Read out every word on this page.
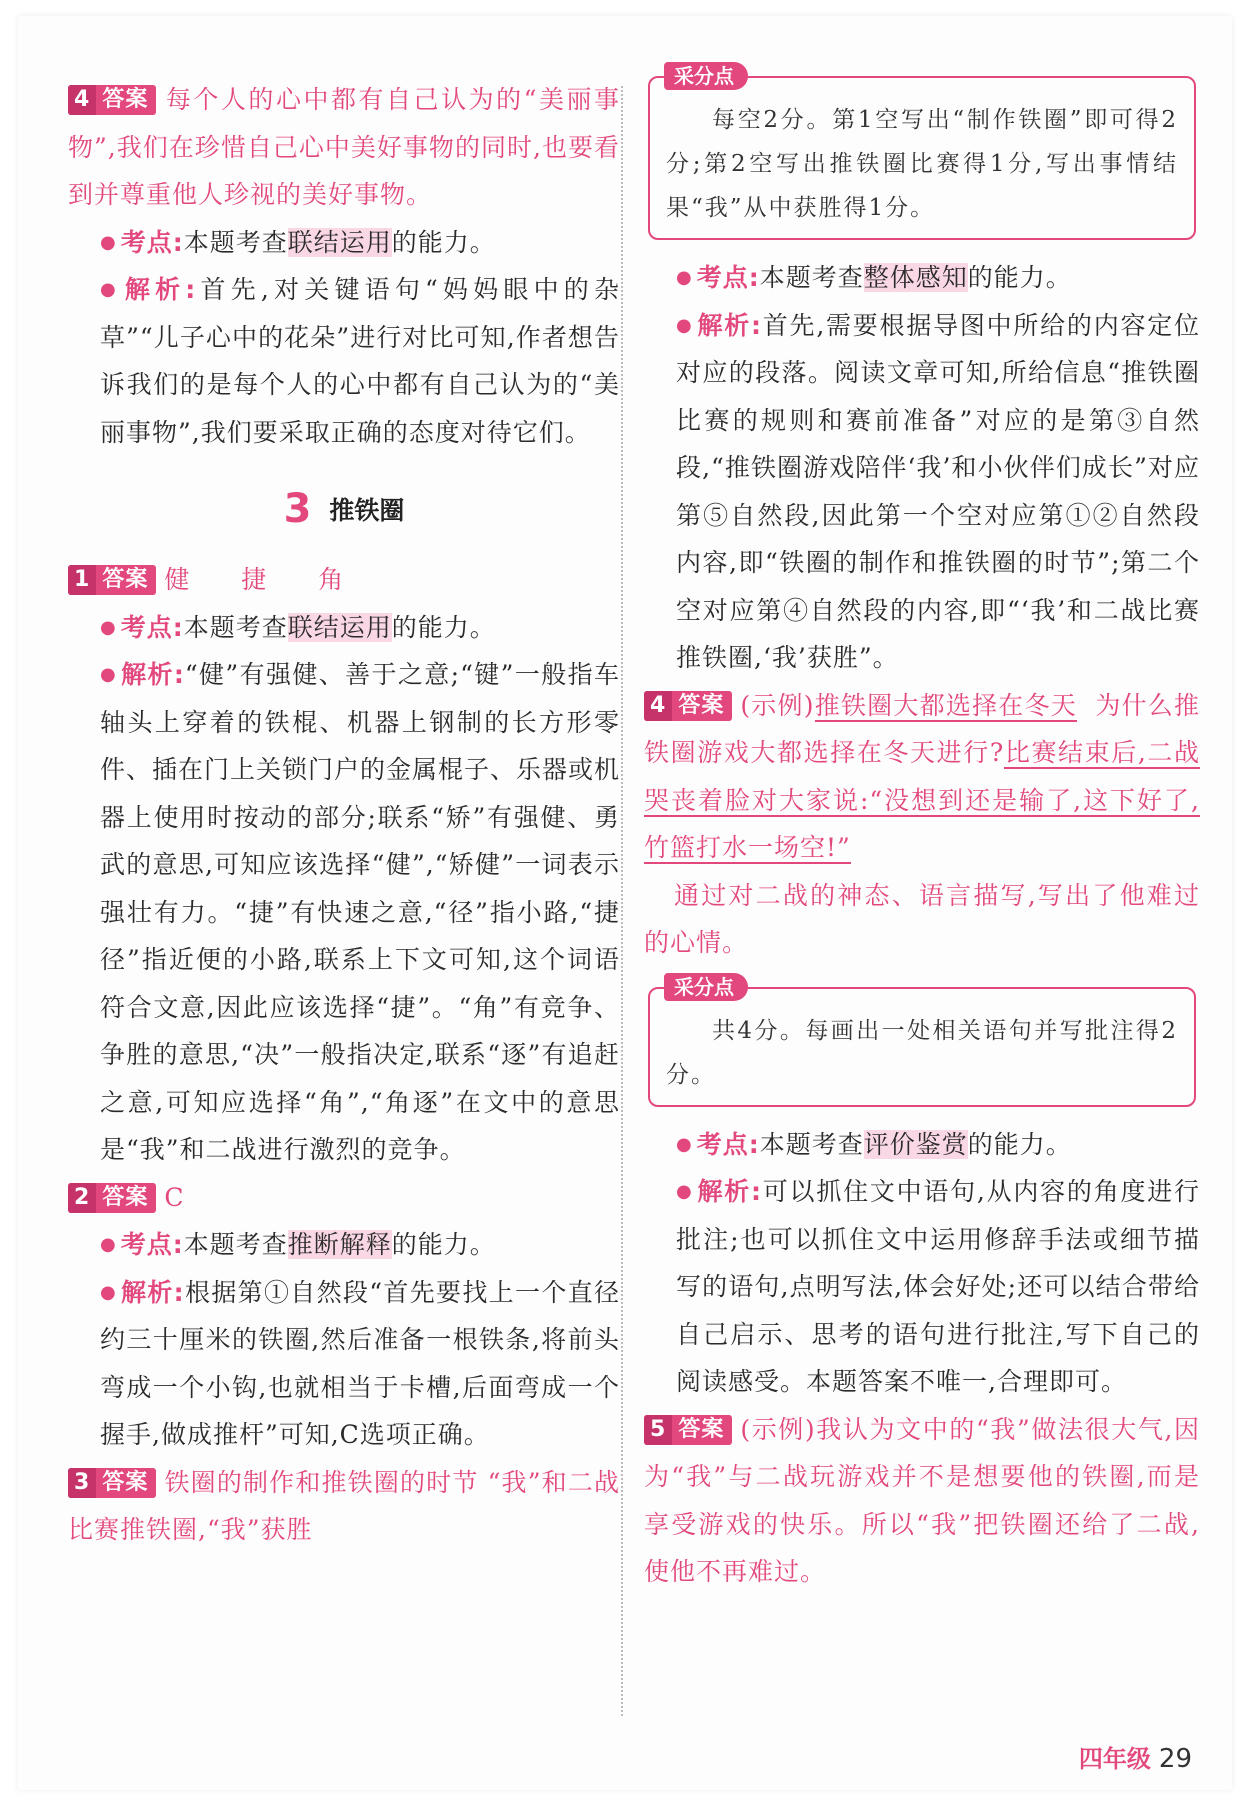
4 答案 每个人的心中都有自己认为的“美丽事物”,我们在珍惜自己心中美好事物的同时,也要看到并尊重他人珍视的美好事物。

● 考点:本题考查联结运用的能力。

● 解析:首先,对关键语句“妈妈眼中的杂草”“儿子心中的花朵”进行对比可知,作者想告诉我们的是每个人的心中都有自己认为的“美丽事物”,我们要采取正确的态度对待它们。

3 推铁圈

1 答案 健 捷 角

● 考点:本题考查联结运用的能力。

● 解析:“健”有强健、善于之意;“键”一般指车轴头上穿着的铁棍、机器上钢制的长方形零件、插在门上关锁门户的金属棍子、乐器或机器上使用时按动的部分;联系“矫”有强健、勇武的意思,可知应该选择“健”,“矫健”一词表示强壮有力。“捷”有快速之意,“径”指小路,“捷径”指近便的小路,联系上下文可知,这个词语符合文意,因此应该选择“捷”。“角”有竞争、争胜的意思,“决”一般指决定,联系“逐”有追赶之意,可知应选择“角”,“角逐”在文中的意思是“我”和二战进行激烈的竞争。

2 答案 C

● 考点:本题考查推断解释的能力。

● 解析:根据第①自然段“首先要找上一个直径约三十厘米的铁圈,然后准备一根铁条,将前头弯成一个小钩,也就相当于卡槽,后面弯成一个握手,做成推杆”可知,C选项正确。

3 答案 铁圈的制作和推铁圈的时节 “我”和二战比赛推铁圈,“我”获胜

采分点

每空2分。第1空写出“制作铁圈”即可得2分;第2空写出推铁圈比赛得1分,写出事情结果“我”从中获胜得1分。

● 考点:本题考查整体感知的能力。

● 解析:首先,需要根据导图中所给的内容定位对应的段落。阅读文章可知,所给信息“推铁圈比赛的规则和赛前准备”对应的是第③自然段,“推铁圈游戏陪伴‘我’和小伙伴们成长”对应第⑤自然段,因此第一个空对应第①②自然段内容,即“铁圈的制作和推铁圈的时节”;第二个空对应第④自然段的内容,即“‘我’和二战比赛推铁圈,‘我’获胜”。

4 答案 (示例)推铁圈大都选择在冬天 为什么推铁圈游戏大都选择在冬天进行?比赛结束后,二战哭丧着脸对大家说:“没想到还是输了,这下好了,竹篮打水一场空!”

通过对二战的神态、语言描写,写出了他难过的心情。

采分点

共4分。每画出一处相关语句并写批注得2分。

● 考点:本题考查评价鉴赏的能力。

● 解析:可以抓住文中语句,从内容的角度进行批注;也可以抓住文中运用修辞手法或细节描写的语句,点明写法,体会好处;还可以结合带给自己启示、思考的语句进行批注,写下自己的阅读感受。本题答案不唯一,合理即可。

5 答案 (示例)我认为文中的“我”做法很大气,因为“我”与二战玩游戏并不是想要他的铁圈,而是享受游戏的快乐。所以“我”把铁圈还给了二战,使他不再难过。

四年级 29
